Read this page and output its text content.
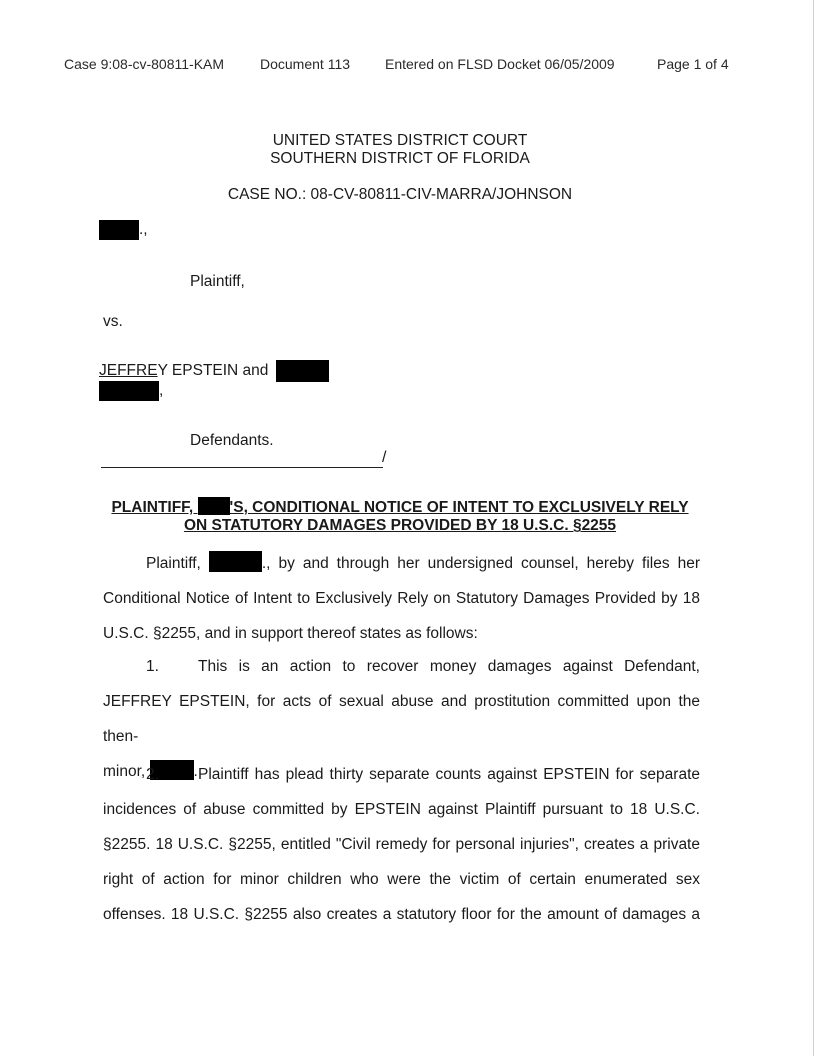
Case 9:08-cv-80811-KAM	Document 113 Entered on FLSD Docket 06/05/2009	Page 1 of 4
UNITED STATES DISTRICT COURT
SOUTHERN DISTRICT OF FLORIDA
CASE NO.: 08-CV-80811-CIV-MARRA/JOHNSON
.,
Plaintiff,
vs.
JEFFREY EPSTEIN and
,
Defendants.
/
PLAINTIFF, 'S, CONDITIONAL NOTICE OF INTENT TO EXCLUSIVELY RELY
ON STATUTORY DAMAGES PROVIDED BY 18 U.S.C. §2255
Plaintiff,	., by and through her undersigned counsel, hereby files her
Conditional Notice of Intent to Exclusively Rely on Statutory Damages Provided by 18
U.S.C. §2255, and in support thereof states as follows:
1.	This is an action to recover money damages against Defendant,
JEFFREY EPSTEIN, for acts of sexual abuse and prostitution committed upon the then-
minor,	.
2.	Plaintiff has plead thirty separate counts against EPSTEIN for separate
incidences of abuse committed by EPSTEIN against Plaintiff pursuant to 18 U.S.C.
§2255. 18 U.S.C. §2255, entitled "Civil remedy for personal injuries", creates a private
right of action for minor children who were the victim of certain enumerated sex
offenses. 18 U.S.C. §2255 also creates a statutory floor for the amount of damages a
